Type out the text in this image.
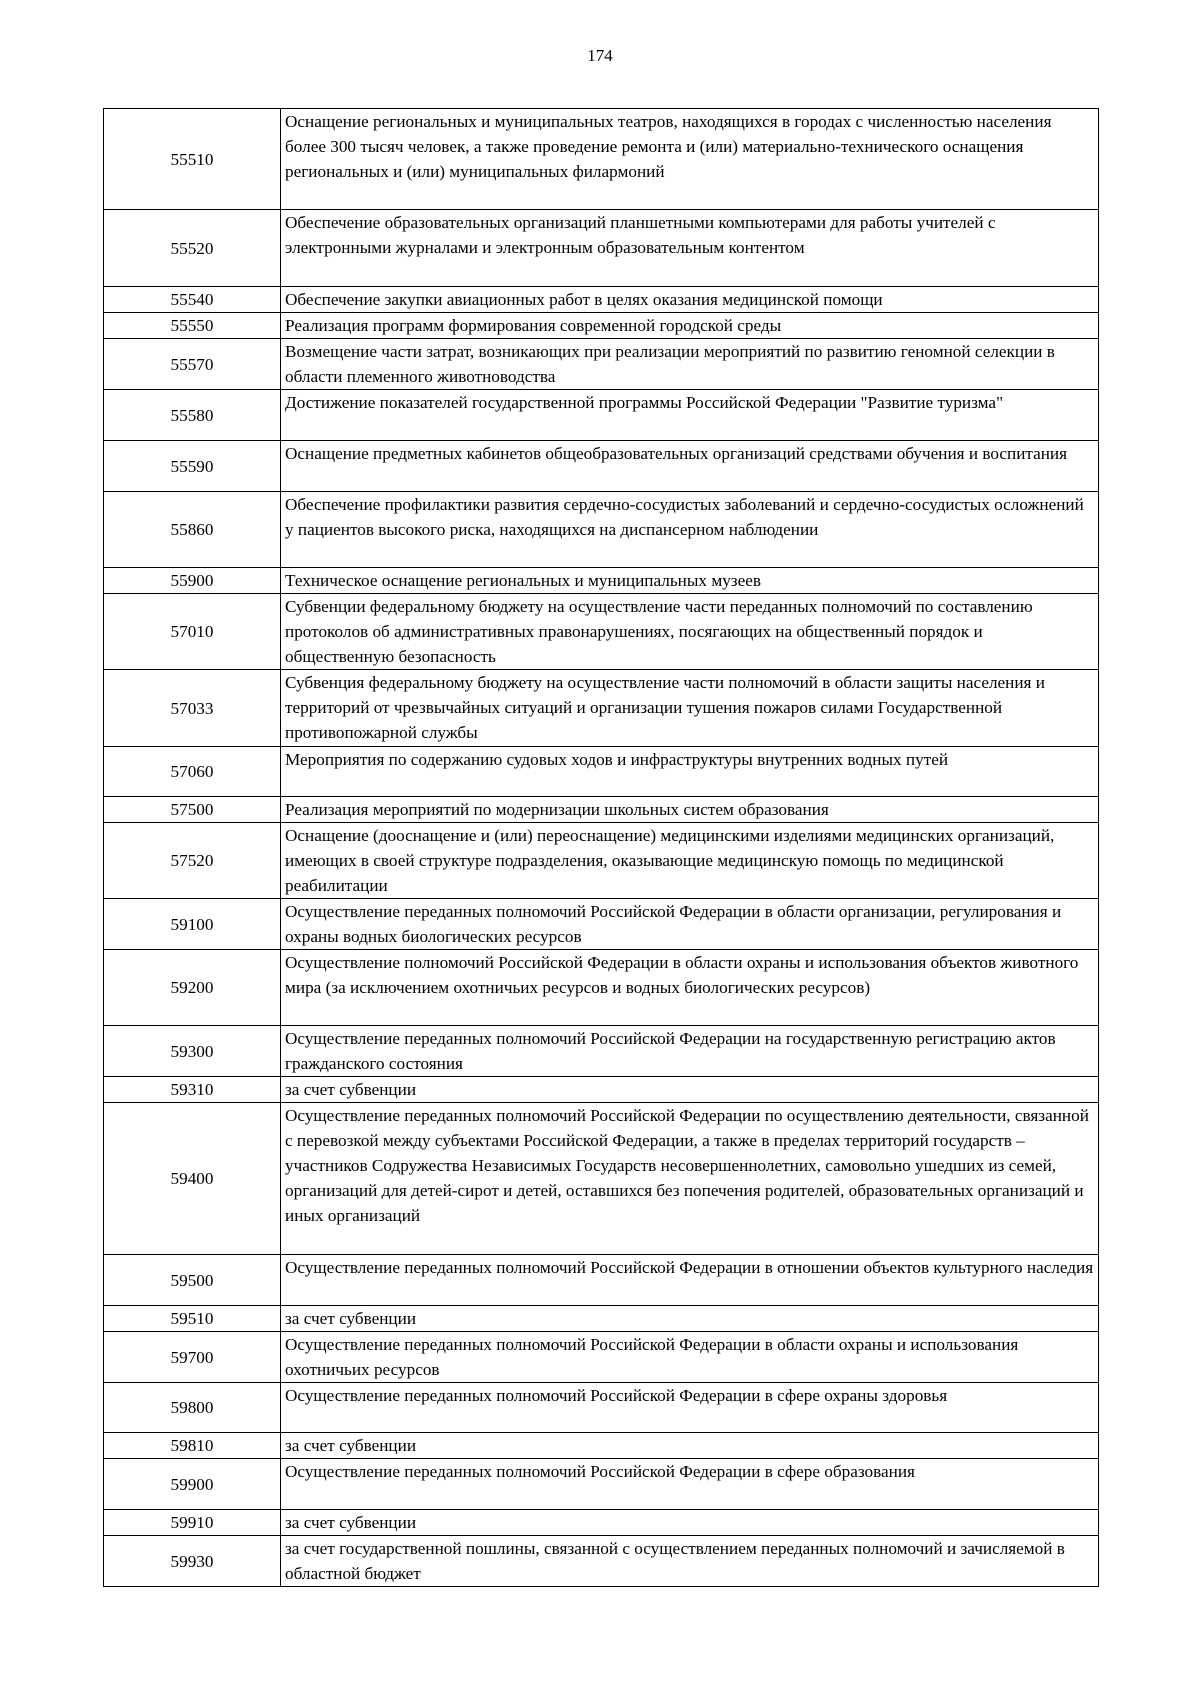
174
55510	Оснащение региональных и муниципальных театров, находящихся в городах с численностью населения более 300 тысяч человек, а также проведение ремонта и (или) материально-технического оснащения региональных и (или) муниципальных филармоний
55520	Обеспечение образовательных организаций планшетными компьютерами для работы учителей с электронными журналами и электронным образовательным контентом
55540	Обеспечение закупки авиационных работ в целях оказания медицинской помощи
55550	Реализация программ формирования современной городской среды
55570	Возмещение части затрат, возникающих при реализации мероприятий по развитию геномной селекции в области племенного животноводства
55580	Достижение показателей государственной программы Российской Федерации "Развитие туризма"
55590	Оснащение предметных кабинетов общеобразовательных организаций средствами обучения и воспитания
55860	Обеспечение профилактики развития сердечно-сосудистых заболеваний и сердечно-сосудистых осложнений у пациентов высокого риска, находящихся на диспансерном наблюдении
55900	Техническое оснащение региональных и муниципальных музеев
57010	Субвенции федеральному бюджету на осуществление части переданных полномочий по составлению протоколов об административных правонарушениях, посягающих на общественный порядок и общественную безопасность
57033	Субвенция федеральному бюджету на осуществление части полномочий в области защиты населения и территорий от чрезвычайных ситуаций и организации тушения пожаров силами Государственной противопожарной службы
57060	Мероприятия по содержанию судовых ходов и инфраструктуры внутренних водных путей
57500	Реализация мероприятий по модернизации школьных систем образования
57520	Оснащение (дооснащение и (или) переоснащение) медицинскими изделиями медицинских организаций, имеющих в своей структуре подразделения, оказывающие медицинскую помощь по медицинской реабилитации
59100	Осуществление переданных полномочий Российской Федерации в области организации, регулирования и охраны водных биологических ресурсов
59200	Осуществление полномочий Российской Федерации в области охраны и использования объектов животного мира (за исключением охотничьих ресурсов и водных биологических ресурсов)
59300	Осуществление переданных полномочий Российской Федерации на государственную регистрацию актов гражданского состояния
59310	за счет субвенции
59400	Осуществление переданных полномочий Российской Федерации по осуществлению деятельности, связанной с перевозкой между субъектами Российской Федерации, а также в пределах территорий государств – участников Содружества Независимых Государств несовершеннолетних, самовольно ушедших из семей, организаций для детей-сирот и детей, оставшихся без попечения родителей, образовательных организаций и иных организаций
59500	Осуществление переданных полномочий Российской Федерации в отношении объектов культурного наследия
59510	за счет субвенции
59700	Осуществление переданных полномочий Российской Федерации в области охраны и использования охотничьих ресурсов
59800	Осуществление переданных полномочий Российской Федерации в сфере охраны здоровья
59810	за счет субвенции
59900	Осуществление переданных полномочий Российской Федерации в сфере образования
59910	за счет субвенции
59930	за счет государственной пошлины, связанной с осуществлением переданных полномочий и зачисляемой в областной бюджет
